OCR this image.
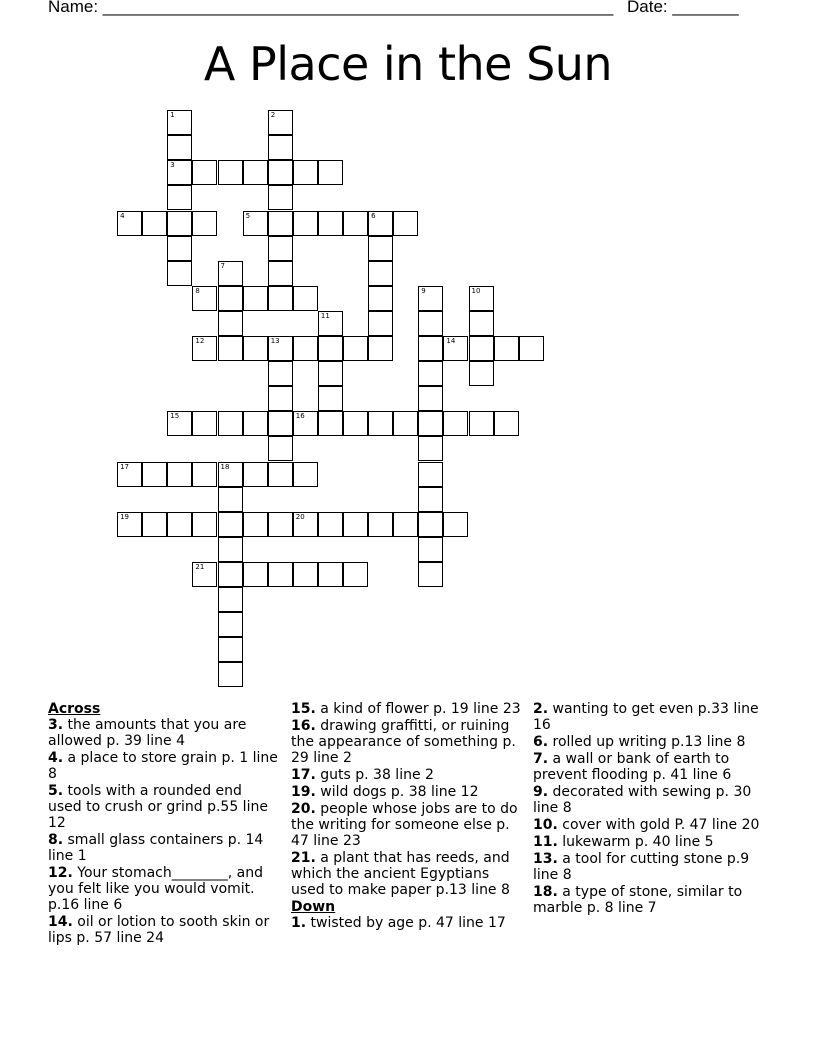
Name: ______________________________________________________ Date: _______
A Place in the Sun
3
4	5	6
8
12	13	14
15	16
17	18
19	20
21
1	2
7
9	10
11

Across

3. the amounts that you are allowed p. 39 line 4

4. a place to store grain p. 1 line 8

5. tools with a rounded end used to crush or grind p.55 line 12

8. small glass containers p. 14 line 1

12. Your stomach________, and you felt like you would vomit. p.16 line 6

14. oil or lotion to sooth skin or lips p. 57 line 24

15. a kind of flower p. 19 line 23

16. drawing graffitti, or ruining the appearance of something p. 29 line 2

17. guts p. 38 line 2

19. wild dogs p. 38 line 12

20. people whose jobs are to do the writing for someone else p. 47 line 23

21. a plant that has reeds, and which the ancient Egyptians used to make paper p.13 line 8

Down

1. twisted by age p. 47 line 17

2. wanting to get even p.33 line 16

6. rolled up writing p.13 line 8

7. a wall or bank of earth to prevent flooding p. 41 line 6

9. decorated with sewing p. 30 line 8

10. cover with gold P. 47 line 20

11. lukewarm p. 40 line 5

13. a tool for cutting stone p.9 line 8

18. a type of stone, similar to marble p. 8 line 7
